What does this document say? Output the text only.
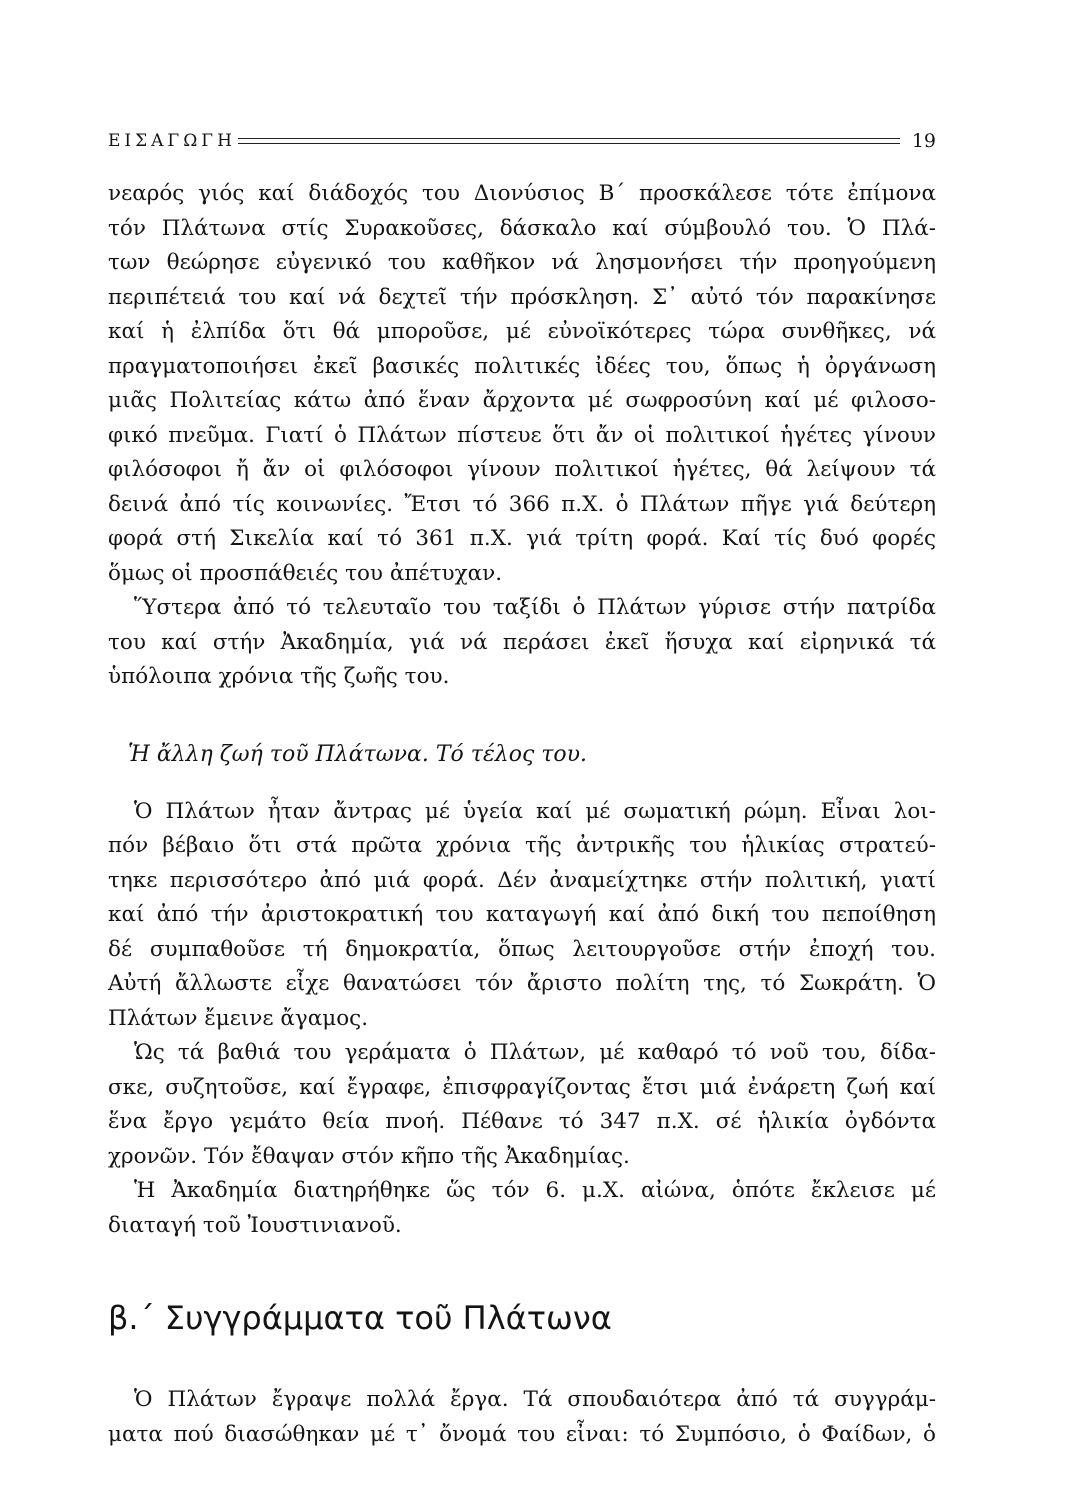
ΕΙΣΑΓΩΓΗ	19
νεαρός γιός καί διάδοχός του Διονύσιος Β΄ προσκάλεσε τότε ἐπίμονα
τόν Πλάτωνα στίς Συρακοῦσες, δάσκαλο καί σύμβουλό του. Ὁ Πλά-
των θεώρησε εὐγενικό του καθῆκον νά λησμονήσει τήν προηγούμενη
περιπέτειά του καί νά δεχτεῖ τήν πρόσκληση. Σ᾽ αὐτό τόν παρακίνησε
καί ἡ ἐλπίδα ὅτι θά μποροῦσε, μέ εὐνοϊκότερες τώρα συνθῆκες, νά
πραγματοποιήσει ἐκεῖ βασικές πολιτικές ἰδέες του, ὅπως ἡ ὀργάνωση
μιᾶς Πολιτείας κάτω ἀπό ἕναν ἄρχοντα μέ σωφροσύνη καί μέ φιλοσο-
φικό πνεῦμα. Γιατί ὁ Πλάτων πίστευε ὅτι ἄν οἱ πολιτικοί ἡγέτες γίνουν
φιλόσοφοι ἤ ἄν οἱ φιλόσοφοι γίνουν πολιτικοί ἡγέτες, θά λείψουν τά
δεινά ἀπό τίς κοινωνίες. Ἔτσι τό 366 π.Χ. ὁ Πλάτων πῆγε γιά δεύτερη
φορά στή Σικελία καί τό 361 π.Χ. γιά τρίτη φορά. Καί τίς δυό φορές
ὅμως οἱ προσπάθειές του ἀπέτυχαν.
Ὕστερα ἀπό τό τελευταῖο του ταξίδι ὁ Πλάτων γύρισε στήν πατρίδα
του καί στήν Ἀκαδημία, γιά νά περάσει ἐκεῖ ἥσυχα καί εἰρηνικά τά
ὑπόλοιπα χρόνια τῆς ζωῆς του.
Ἡ ἄλλη ζωή τοῦ Πλάτωνα. Τό τέλος του.
Ὁ Πλάτων ἦταν ἄντρας μέ ὑγεία καί μέ σωματική ρώμη. Εἶναι λοι-
πόν βέβαιο ὅτι στά πρῶτα χρόνια τῆς ἀντρικῆς του ἡλικίας στρατεύ-
τηκε περισσότερο ἀπό μιά φορά. Δέν ἀναμείχτηκε στήν πολιτική, γιατί
καί ἀπό τήν ἀριστοκρατική του καταγωγή καί ἀπό δική του πεποίθηση
δέ συμπαθοῦσε τή δημοκρατία, ὅπως λειτουργοῦσε στήν ἐποχή του.
Αὐτή ἄλλωστε εἶχε θανατώσει τόν ἄριστο πολίτη της, τό Σωκράτη. Ὁ
Πλάτων ἔμεινε ἄγαμος.
Ὡς τά βαθιά του γεράματα ὁ Πλάτων, μέ καθαρό τό νοῦ του, δίδα-
σκε, συζητοῦσε, καί ἔγραφε, ἐπισφραγίζοντας ἔτσι μιά ἐνάρετη ζωή καί
ἕνα ἔργο γεμάτο θεία πνοή. Πέθανε τό 347 π.Χ. σέ ἡλικία ὀγδόντα
χρονῶν. Τόν ἔθαψαν στόν κῆπο τῆς Ἀκαδημίας.
Ἡ Ἀκαδημία διατηρήθηκε ὥς τόν 6. μ.Χ. αἰώνα, ὁπότε ἔκλεισε μέ
διαταγή τοῦ Ἰουστινιανοῦ.
β.΄ Συγγράμματα τοῦ Πλάτωνα
Ὁ Πλάτων ἔγραψε πολλά ἔργα. Τά σπουδαιότερα ἀπό τά συγγράμ-
ματα πού διασώθηκαν μέ τ᾽ ὄνομά του εἶναι: τό Συμπόσιο, ὁ Φαίδων, ὁ
